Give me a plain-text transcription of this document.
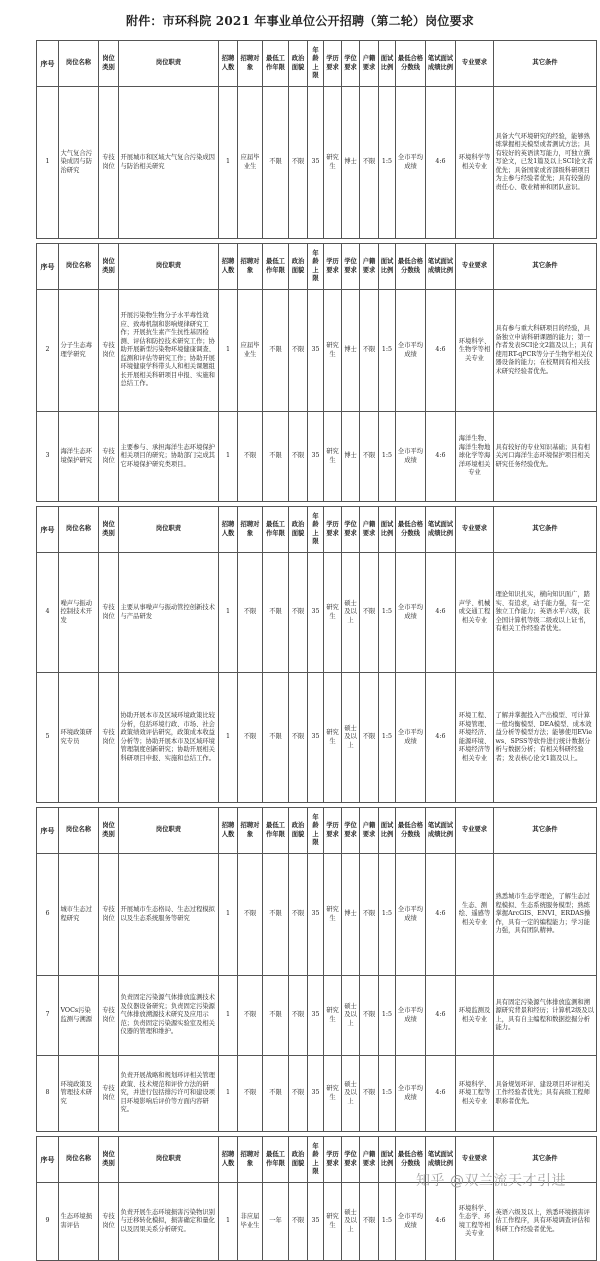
附件：市环科院 2021 年事业单位公开招聘（第二轮）岗位要求
序号	岗位名称	岗位类别	岗位职责	招聘人数	招聘对象	最低工作年限	政治面貌	年龄上限	学历要求	学位要求	户籍要求	面试比例	最低合格分数线	笔试面试成绩比例	专业要求	其它条件
1	大气复合污染成因与防治研究	专技岗位	开展城市和区域大气复合污染成因与防治相关研究	1	应届毕业生	不限	不限	35	研究生	博士	不限	1:5	全市平均成绩	4:6	环境科学等相关专业	具备大气环境研究的经验，能够熟练掌握相关模型或者测试方法；具有较好的英语读写能力，可独立撰写论文，已发1篇及以上SCI论文者优先；具备国家或省部级科研项目为主参与经验者优先；具有较强的责任心、敬业精神和团队意识。

序号	岗位名称	岗位类别	岗位职责	招聘人数	招聘对象	最低工作年限	政治面貌	年龄上限	学历要求	学位要求	户籍要求	面试比例	最低合格分数线	笔试面试成绩比例	专业要求	其它条件
2	分子生态毒理学研究	专技岗位	开展污染物生物分子水平毒性效应、致毒机制和影响规律研究工作；开展抗生素产生抗性基因检测、评估和防控技术研究工作；协助开展新型污染物环境健康调查、监测和评估等研究工作；协助开展环境健康学科带头人和相关课题组长开展相关科研项目申报、实施和总结工作。	1	应届毕业生	不限	不限	35	研究生	博士	不限	1:5	全市平均成绩	4:6	环境科学、生物学等相关专业	具有参与重大科研项目的经验，具备独立申请科研课题的能力；第一作者发表SCI论文2篇及以上；具有使用RT-qPCR等分子生物学相关仪器设备的能力；在校期间有相关技术研究经验者优先。
3	海洋生态环境保护研究	专技岗位	主要参与、承担海洋生态环境保护相关项目的研究；协助部门完成其它环境保护研究类项目。	1	不限	不限	不限	35	研究生	博士	不限	1:5	全市平均成绩	4:6	海洋生物、海洋生物地球化学等海洋环境相关专业	具有较好的专业知识基础；具有相关河口海洋生态环境保护项目相关研究任务经验优先。

序号	岗位名称	岗位类别	岗位职责	招聘人数	招聘对象	最低工作年限	政治面貌	年龄上限	学历要求	学位要求	户籍要求	面试比例	最低合格分数线	笔试面试成绩比例	专业要求	其它条件
4	噪声与振动控制技术开发	专技岗位	主要从事噪声与振动管控创新技术与产品研发	1	不限	不限	不限	35	研究生	硕士及以上	不限	1:5	全市平均成绩	4:6	声学、机械或交通工程相关专业	理论知识扎实，横向知识面广，踏实、有追求，动手能力强，有一定独立工作能力；英语水平六级，获全国计算机等级二级或以上证书，有相关工作经验者优先。
5	环境政策研究专员	专技岗位	协助开展本市及区域环境政策比较分析，包括环境行政、市场、社会政策绩效评估研究，政策成本收益分析等；协助开展本市及区域环境管理制度创新研究；协助开展相关科研项目申报、实施和总结工作。	1	不限	不限	不限	35	研究生	硕士及以上	不限	1:5	全市平均成绩	4:6	环境工程、环境管理、环境经济、能源环境、环境经济等相关专业	了解并掌握投入产出模型、可计算一般均衡模型、DEA模型、成本效益分析等模型方法；能够使用EViews、SPSS等软件进行统计数据分析与数据分析；有相关科研经验者；发表核心论文1篇及以上。

序号	岗位名称	岗位类别	岗位职责	招聘人数	招聘对象	最低工作年限	政治面貌	年龄上限	学历要求	学位要求	户籍要求	面试比例	最低合格分数线	笔试面试成绩比例	专业要求	其它条件
6	城市生态过程研究	专技岗位	开展城市生态格局、生态过程模拟以及生态系统服务等研究	1	不限	不限	不限	35	研究生	博士	不限	1:5	全市平均成绩	4:6	生态、测绘、遥感等相关专业	熟悉城市生态学理论，了解生态过程模拟、生态系统服务模型；熟练掌握ArcGIS、ENVI、ERDAS操作，具有一定的编程能力；学习能力强，具有团队精神。
7	VOCs污染监测与溯源	专技岗位	负责固定污染源气体排放监测技术及仪器设备研究；负责固定污染源气体排放溯源技术研究及应用示范；负责固定污染源实验室及相关仪器的管理和维护。	1	不限	不限	不限	35	研究生	硕士及以上	不限	1:5	全市平均成绩	4:6	环境监测及相关专业	具有固定污染源气体排放监测和溯源研究背景和经历；计算机2级及以上，具有自主编程和数据挖掘分析能力。
8	环境政策及管理技术研究	专技岗位	负责开展战略和规划环评相关管理政策、技术规范和评价方法的研究，并进行包括排污许可和建设项目环境影响后评价等方面内容研究。	1	不限	不限	不限	35	研究生	硕士及以上	不限	1:5	全市平均成绩	4:6	环境科学、环境工程等相关专业	具备规划环评、建设项目环评相关工作经验者优先；具有高级工程师职称者优先。

序号	岗位名称	岗位类别	岗位职责	招聘人数	招聘对象	最低工作年限	政治面貌	年龄上限	学历要求	学位要求	户籍要求	面试比例	最低合格分数线	笔试面试成绩比例	专业要求	其它条件
9	生态环境损害评估	专技岗位	负责开展生态环境损害污染物识别与迁移转化模拟，损害确定和量化以及因果关系分析研究。	1	非应届毕业生	一年	不限	35	研究生	硕士及以上	不限	1:5	全市平均成绩	4:6	环境科学、生态学、环境工程等相关专业	英语六级及以上，熟悉环境损害评估工作程序，具有环境调查评估和科研工作经验者优先。
知乎 @双兰流天才引进
